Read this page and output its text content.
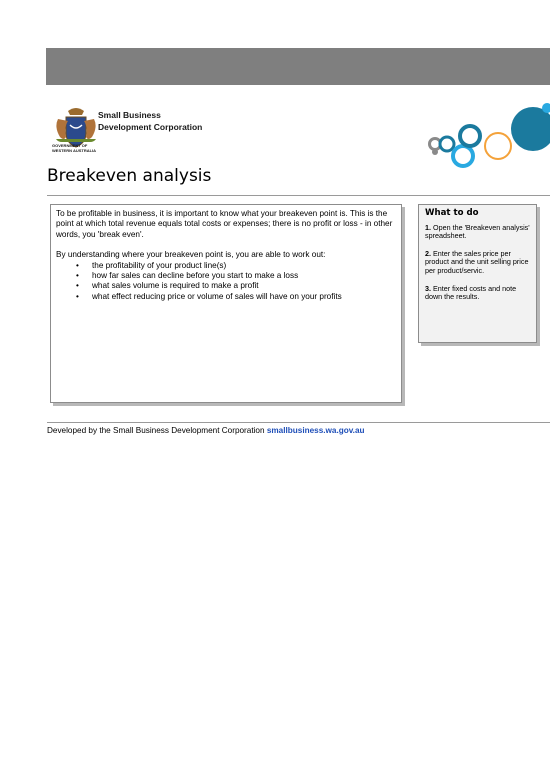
Small Business
Development Corporation
GOVERNMENT OF
WESTERN AUSTRALIA
Breakeven analysis

To be profitable in business, it is important to know what your breakeven point is. This is the point at which total revenue equals total costs or expenses; there is no profit or loss - in other words, you 'break even'.

By understanding where your breakeven point is, you are able to work out:

• the profitability of your product line(s)
• how far sales can decline before you start to make a loss
• what sales volume is required to make a profit
• what effect reducing price or volume of sales will have on your profits
What to do

1. Open the 'Breakeven analysis' spreadsheet.

2. Enter the sales price per product and the unit selling price per product/servic.

3. Enter fixed costs and note down the results.

Developed by the Small Business Development Corporation smallbusiness.wa.gov.au
